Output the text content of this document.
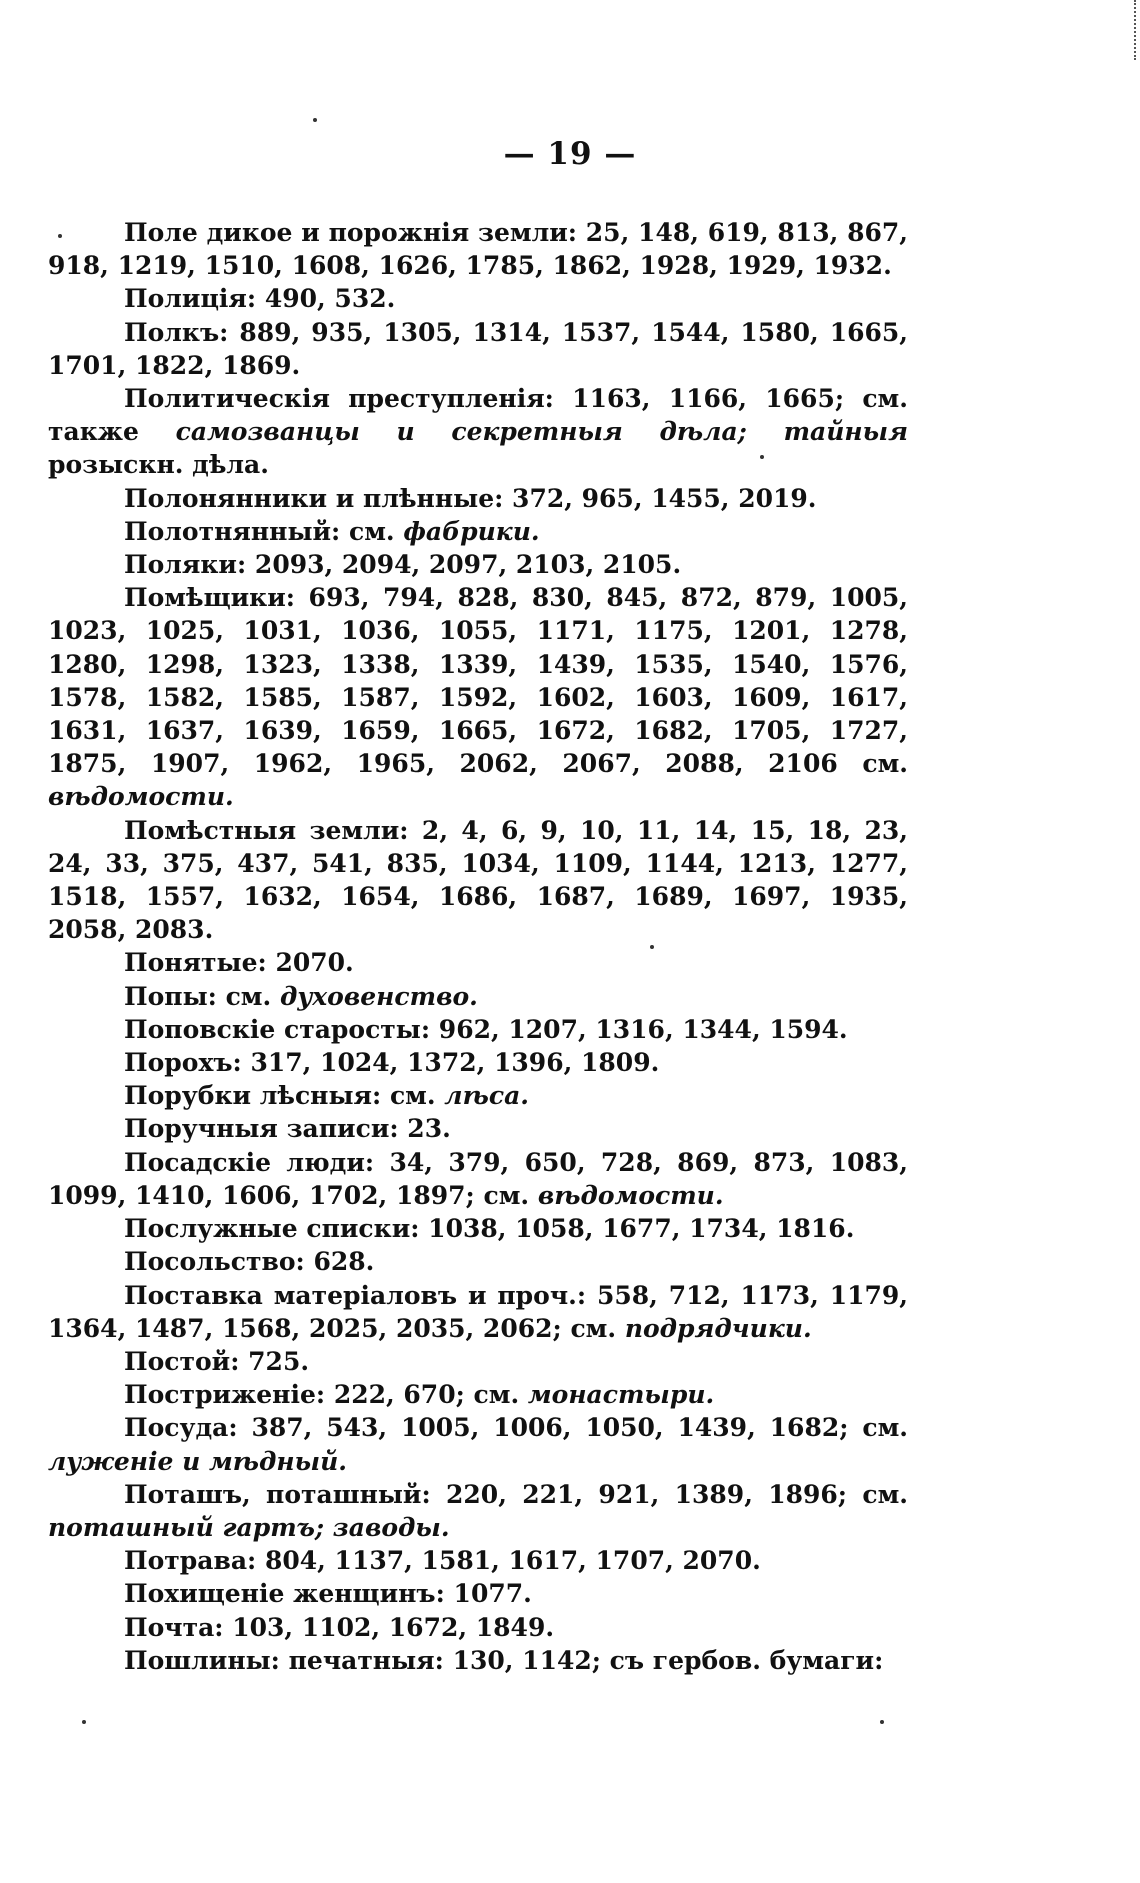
— 19 —

Поле дикое и порожнія земли: 25, 148, 619, 813, 867, 918, 1219, 1510, 1608, 1626, 1785, 1862, 1928, 1929, 1932.

Полиція: 490, 532.

Полкъ: 889, 935, 1305, 1314, 1537, 1544, 1580, 1665, 1701, 1822, 1869.

Политическія преступленія: 1163, 1166, 1665; см. также самозванцы и секретныя дѣла; тайныя розыскн. дѣла.

Полонянники и плѣнные: 372, 965, 1455, 2019.

Полотнянный: см. фабрики.

Поляки: 2093, 2094, 2097, 2103, 2105.

Помѣщики: 693, 794, 828, 830, 845, 872, 879, 1005, 1023, 1025, 1031, 1036, 1055, 1171, 1175, 1201, 1278, 1280, 1298, 1323, 1338, 1339, 1439, 1535, 1540, 1576, 1578, 1582, 1585, 1587, 1592, 1602, 1603, 1609, 1617, 1631, 1637, 1639, 1659, 1665, 1672, 1682, 1705, 1727, 1875, 1907, 1962, 1965, 2062, 2067, 2088, 2106 см. вѣдомости.

Помѣстныя земли: 2, 4, 6, 9, 10, 11, 14, 15, 18, 23, 24, 33, 375, 437, 541, 835, 1034, 1109, 1144, 1213, 1277, 1518, 1557, 1632, 1654, 1686, 1687, 1689, 1697, 1935, 2058, 2083.

Понятые: 2070.

Попы: см. духовенство.

Поповскіе старосты: 962, 1207, 1316, 1344, 1594.

Порохъ: 317, 1024, 1372, 1396, 1809.

Порубки лѣсныя: см. лѣса.

Поручныя записи: 23.

Посадскіе люди: 34, 379, 650, 728, 869, 873, 1083, 1099, 1410, 1606, 1702, 1897; см. вѣдомости.

Послужные списки: 1038, 1058, 1677, 1734, 1816.

Посольство: 628.

Поставка матеріаловъ и проч.: 558, 712, 1173, 1179, 1364, 1487, 1568, 2025, 2035, 2062; см. подрядчики.

Постой: 725.

Постриженіе: 222, 670; см. монастыри.

Посуда: 387, 543, 1005, 1006, 1050, 1439, 1682; см. луженіе и мѣдный.

Поташъ, поташный: 220, 221, 921, 1389, 1896; см. поташный гартъ; заводы.

Потрава: 804, 1137, 1581, 1617, 1707, 2070.

Похищеніе женщинъ: 1077.

Почта: 103, 1102, 1672, 1849.

Пошлины: печатныя: 130, 1142; съ гербов. бумаги:
